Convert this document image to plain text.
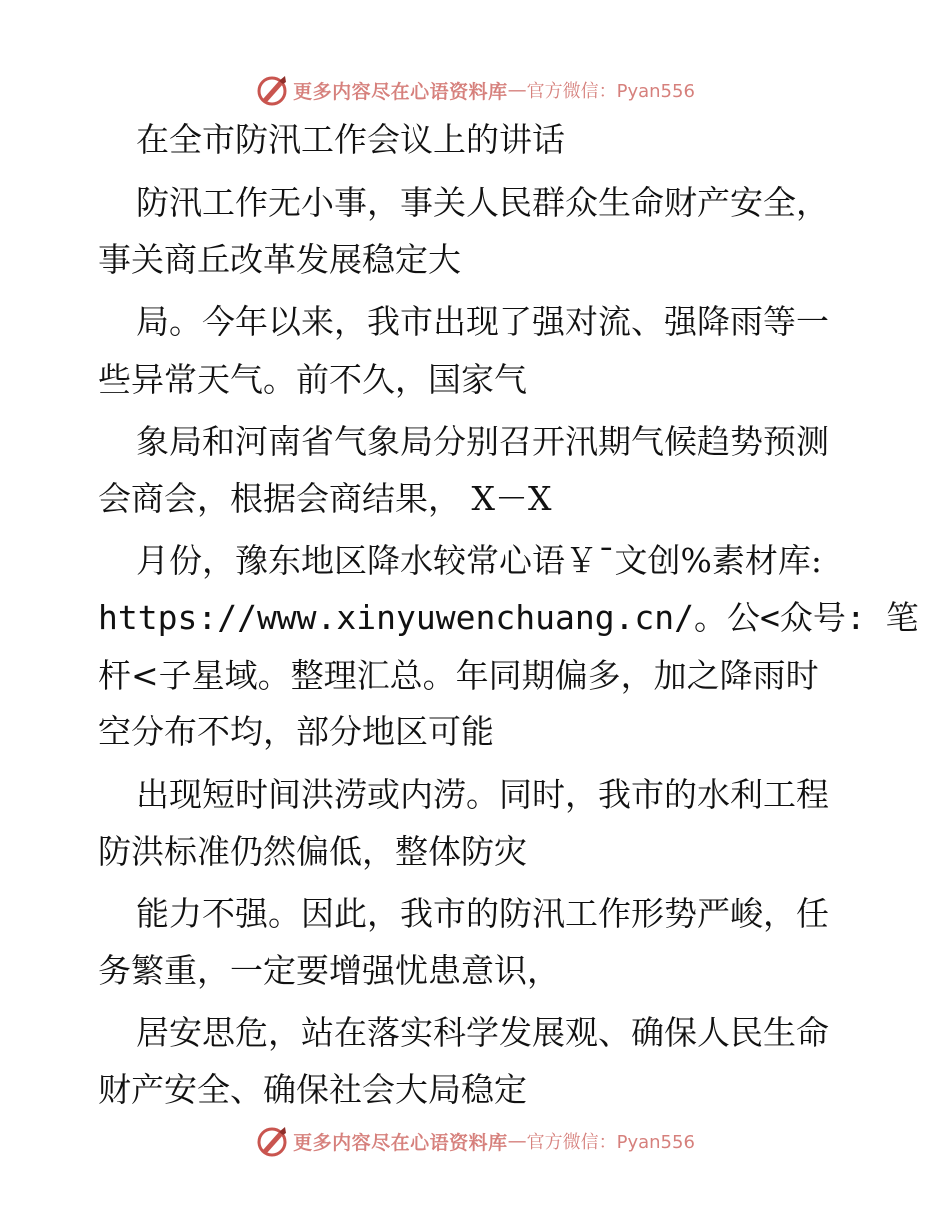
更多内容尽在心语资料库 — 官方微信：Pyan556
在全市防汛工作会议上的讲话
防汛工作无小事，事关人民群众生命财产安全，
事关商丘改革发展稳定大
局。今年以来，我市出现了强对流、强降雨等一
些异常天气。前不久，国家气
象局和河南省气象局分别召开汛期气候趋势预测
会商会，根据会商结果， X－X
月份，豫东地区降水较常心语￥¯文创%素材库:
https://www.xinyuwenchuang.cn/。公<众号: 笔
杆<子星域。整理汇总。年同期偏多，加之降雨时
空分布不均，部分地区可能
出现短时间洪涝或内涝。同时，我市的水利工程
防洪标准仍然偏低，整体防灾
能力不强。因此，我市的防汛工作形势严峻，任
务繁重，一定要增强忧患意识，
居安思危，站在落实科学发展观、确保人民生命
财产安全、确保社会大局稳定
更多内容尽在心语资料库 — 官方微信：Pyan556
